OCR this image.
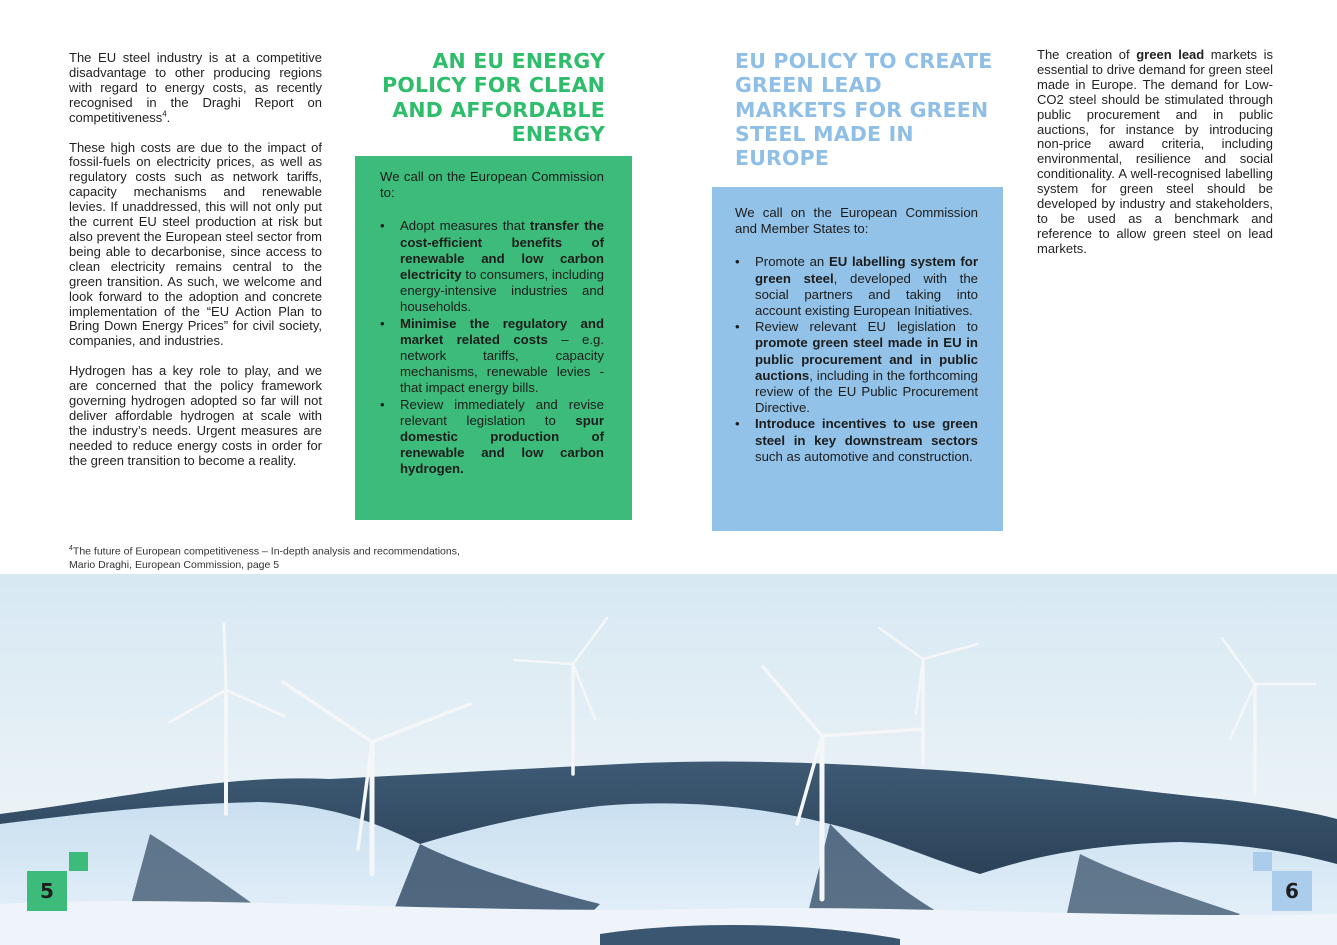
The EU steel industry is at a competitive disadvantage to other producing regions with regard to energy costs, as recently recognised in the Draghi Report on competitiveness$^4$.

These high costs are due to the impact of fossil-fuels on electricity prices, as well as regulatory costs such as network tariffs, capacity mechanisms and renewable levies. If unaddressed, this will not only put the current EU steel production at risk but also prevent the European steel sector from being able to decarbonise, since access to clean electricity remains central to the green transition. As such, we welcome and look forward to the adoption and concrete implementation of the “EU Action Plan to Bring Down Energy Prices” for civil society, companies, and industries.

Hydrogen has a key role to play, and we are concerned that the policy framework governing hydrogen adopted so far will not deliver affordable hydrogen at scale with the industry’s needs. Urgent measures are needed to reduce energy costs in order for the green transition to become a reality.

AN EU ENERGY POLICY FOR CLEAN AND AFFORDABLE ENERGY
We call on the European Commission to:
• Adopt measures that transfer the cost-efficient benefits of renewable and low carbon electricity to consumers, including energy-intensive industries and households.
• Minimise the regulatory and market related costs – e.g. network tariffs, capacity mechanisms, renewable levies - that impact energy bills.
• Review immediately and revise relevant legislation to spur domestic production of renewable and low carbon hydrogen.
EU POLICY TO CREATE GREEN LEAD MARKETS FOR GREEN STEEL MADE IN EUROPE
We call on the European Commission and Member States to:
• Promote an EU labelling system for green steel, developed with the social partners and taking into account existing European Initiatives.
• Review relevant EU legislation to promote green steel made in EU in public procurement and in public auctions, including in the forthcoming review of the EU Public Procurement Directive.
• Introduce incentives to use green steel in key downstream sectors such as automotive and construction.

The creation of green lead markets is essential to drive demand for green steel made in Europe. The demand for Low-CO2 steel should be stimulated through public procurement and in public auctions, for instance by introducing non-price award criteria, including environmental, resilience and social conditionality. A well-recognised labelling system for green steel should be developed by industry and stakeholders, to be used as a benchmark and reference to allow green steel on lead markets.

$^4$The future of European competitiveness – In-depth analysis and recommendations,
Mario Draghi, European Commission, page 5
5	6
